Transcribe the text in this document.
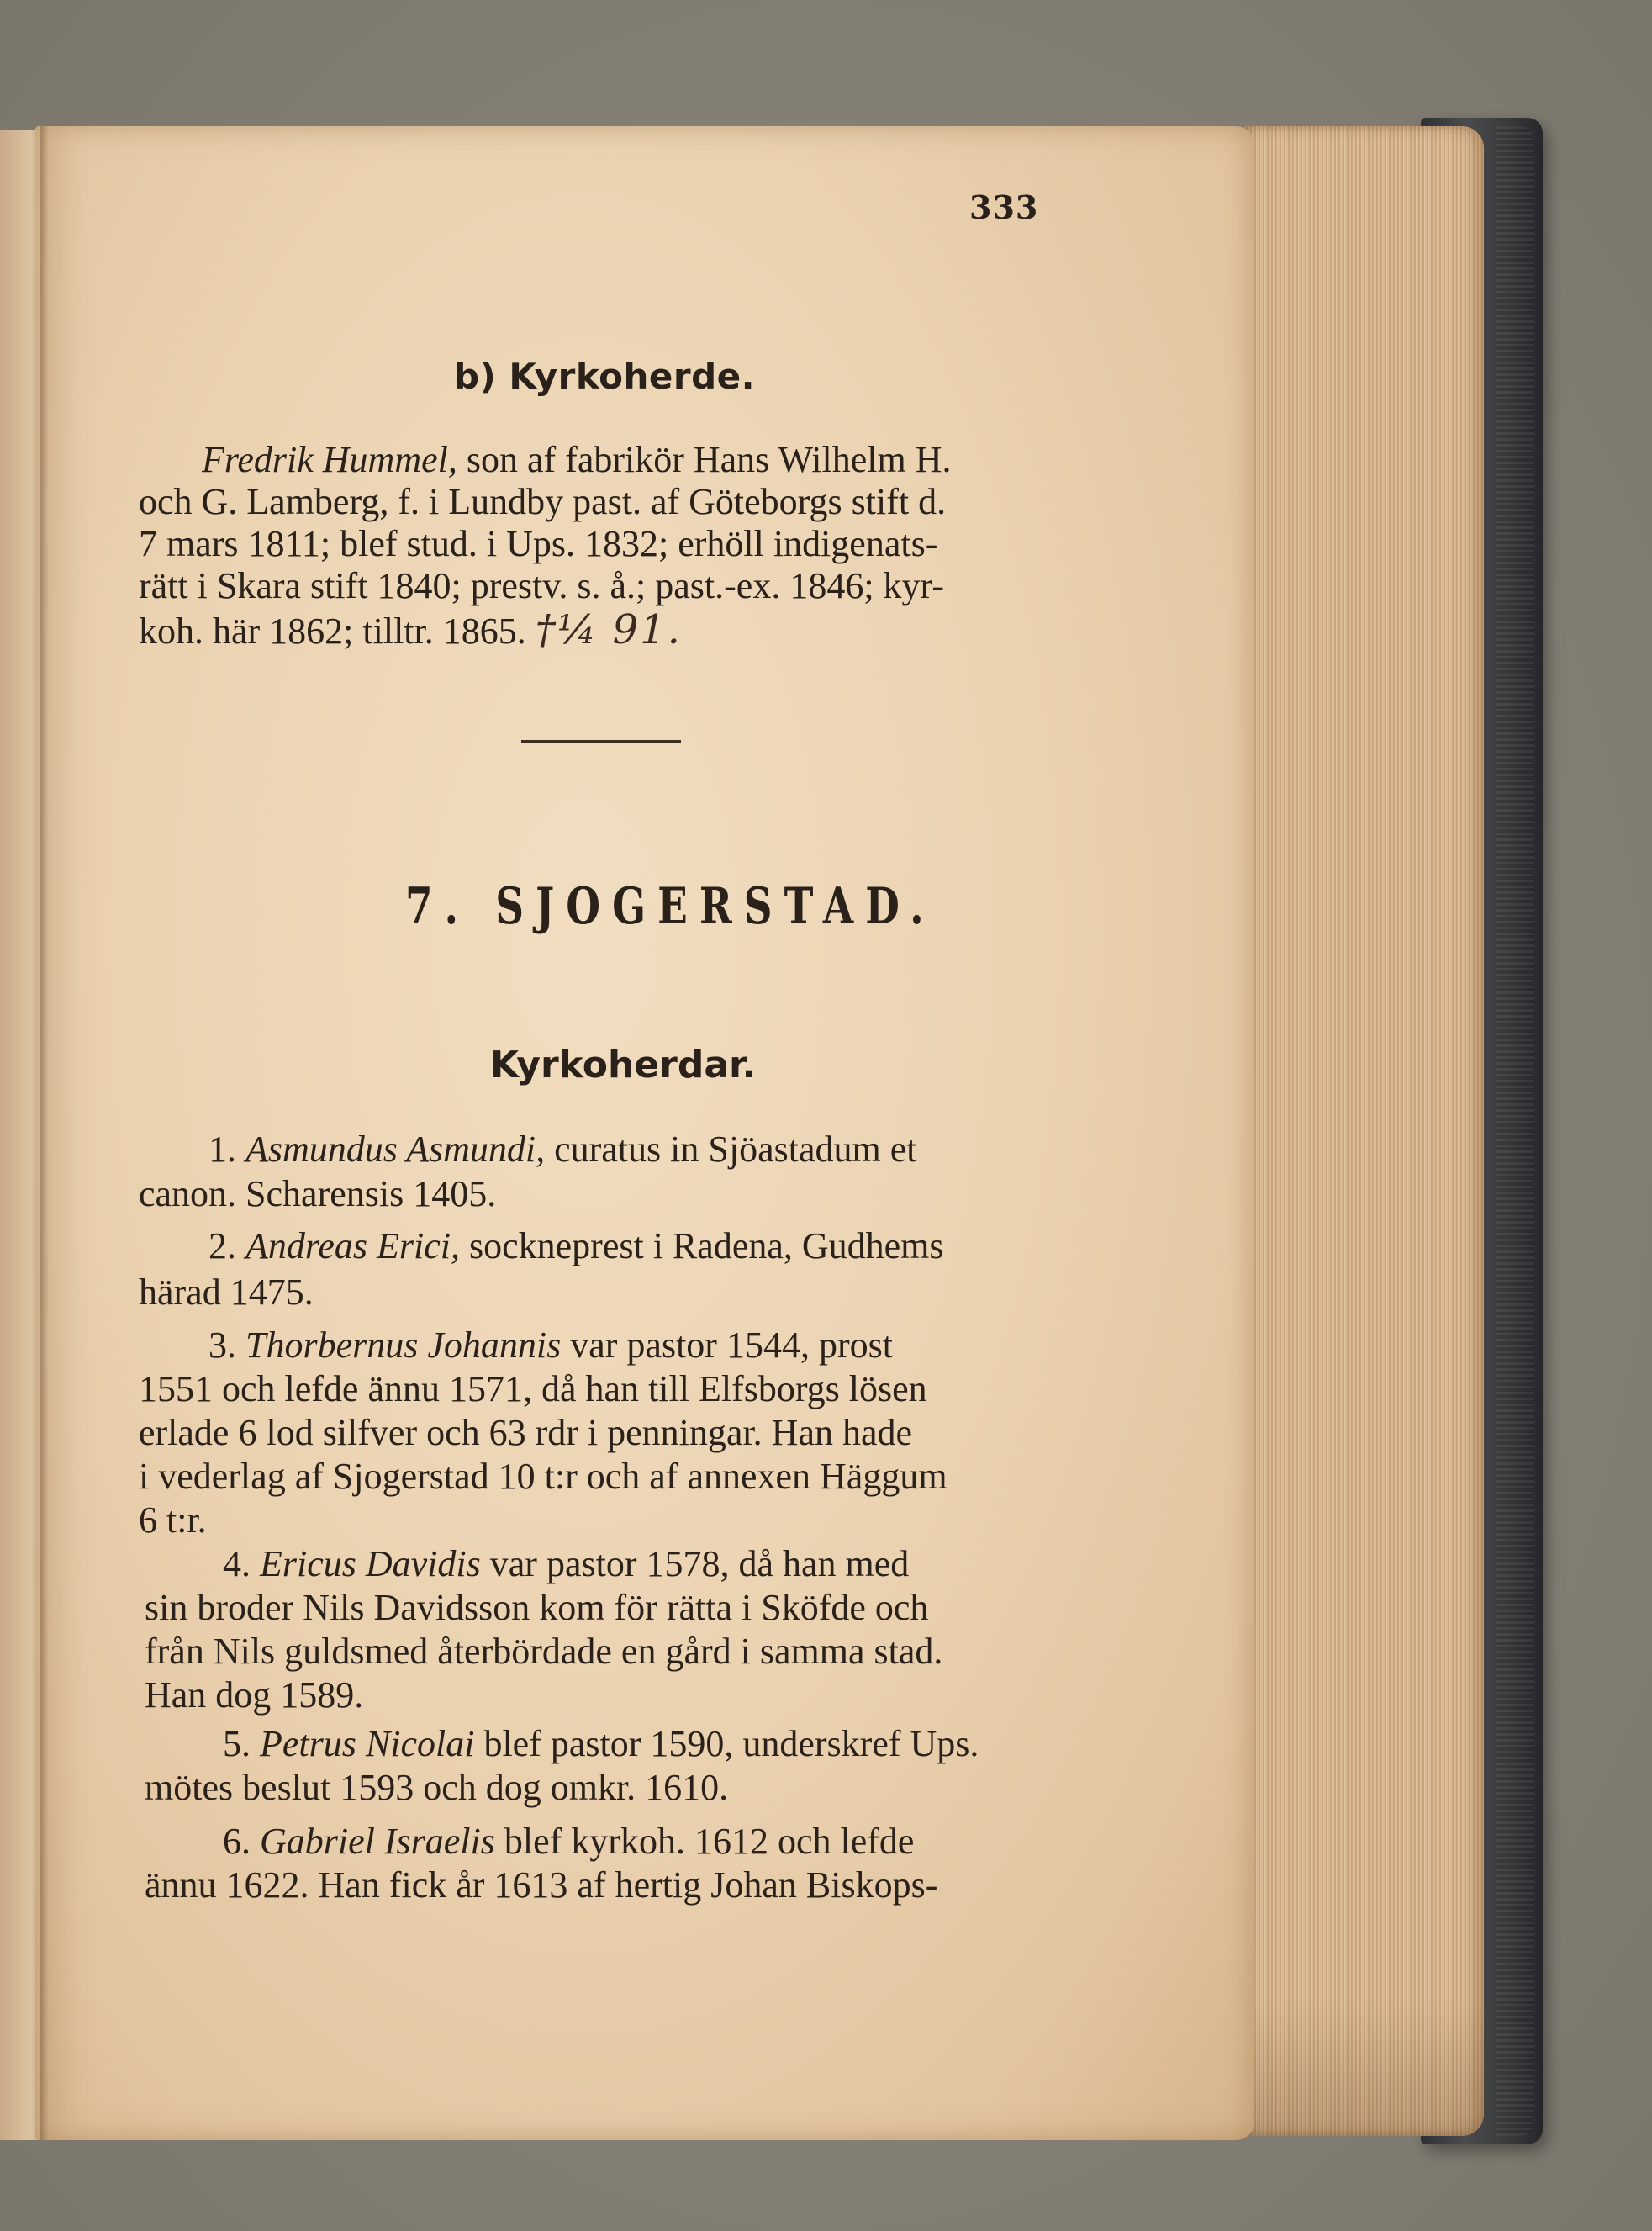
333
b) Kyrkoherde.
Fredrik Hummel, son af fabrikör Hans Wilhelm H.
och G. Lamberg, f. i Lundby past. af Göteborgs stift d.
7 mars 1811; blef stud. i Ups. 1832; erhöll indigenats-
rätt i Skara stift 1840; prestv. s. å.; past.-ex. 1846; kyr-
koh. här 1862; tilltr. 1865. †¼ 91.
7. SJOGERSTAD.
Kyrkoherdar.
1. Asmundus Asmundi, curatus in Sjöastadum et
canon. Scharensis 1405.
2. Andreas Erici, sockneprest i Radena, Gudhems
härad 1475.
3. Thorbernus Johannis var pastor 1544, prost
1551 och lefde ännu 1571, då han till Elfsborgs lösen
erlade 6 lod silfver och 63 rdr i penningar. Han hade
i vederlag af Sjogerstad 10 t:r och af annexen Häggum
6 t:r.
4. Ericus Davidis var pastor 1578, då han med
sin broder Nils Davidsson kom för rätta i Sköfde och
från Nils guldsmed återbördade en gård i samma stad.
Han dog 1589.
5. Petrus Nicolai blef pastor 1590, underskref Ups.
mötes beslut 1593 och dog omkr. 1610.
6. Gabriel Israelis blef kyrkoh. 1612 och lefde
ännu 1622. Han fick år 1613 af hertig Johan Biskops-
